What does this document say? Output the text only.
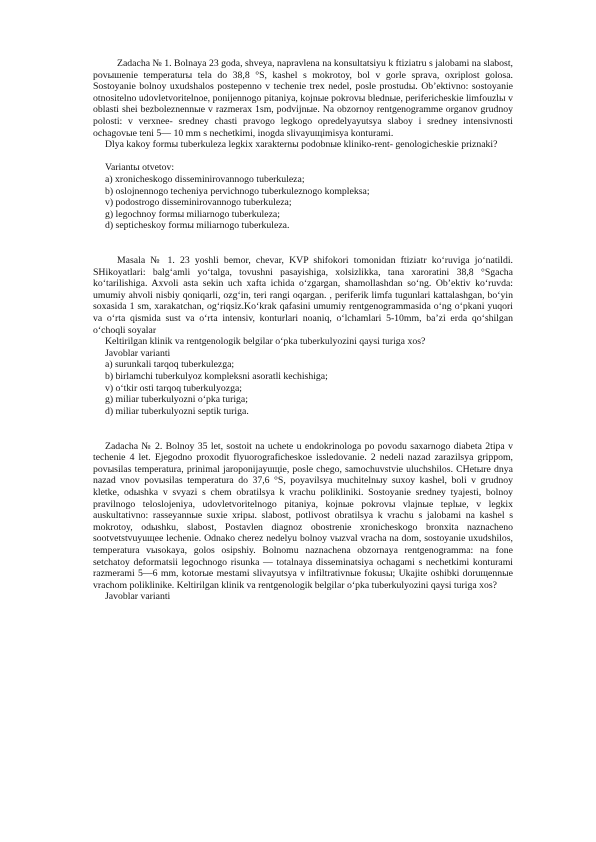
Zadacha № 1. Bolnaya 23 goda, shveya, napravlena na konsultatsiyu k ftiziatru s jalobami na slabost, povышenie temperaturы tela do 38,8 °S, kashel s mokrotoy, bol v gorle sprava, oxriplost golosa. Sostoyanie bolnoy uxudshalos postepenno v techenie trex nedel, posle prostudы. Ob’ektivno: sostoyanie otnositelno udovletvoritelnoe, ponijennogo pitaniya, kojnыe pokrovы blednыe, perifericheskie limfouzlы v oblasti shei bezboleznennыe v razmerax 1sm, podvijnыe. Na obzornoy rentgenogramme organov grudnoy polosti: v verxnee- sredney chasti pravogo legkogo opredelyayutsya slaboy i sredney intensivnosti ochagovыe teni 5— 10 mm s nechetkimi, inogda slivayuщimisya konturami.

Dlya kakoy formы tuberkuleza legkix xarakternы podobnыe kliniko-rent- genologicheskie priznaki?

Variantы otvetov:
a) xronicheskogo disseminirovannogo tuberkuleza;
b) oslojnennogo techeniya pervichnogo tuberkuleznogo kompleksa;
v) podostrogo disseminirovannogo tuberkuleza;
g) legochnoy formы miliarnogo tuberkuleza;
d) septicheskoy formы miliarnogo tuberkuleza.

Masala № 1. 23 yoshli bemor, chevar, KVP shifokori tomonidan ftiziatr ko‘ruviga jo‘natildi. SHikoyatlari: balg‘amli yo‘talga, tovushni pasayishiga, xolsizlikka, tana xaroratini 38,8 °Sgacha ko‘tarilishiga. Axvoli asta sekin uch xafta ichida o‘zgargan, shamollashdan so‘ng. Ob’ektiv ko‘ruvda: umumiy ahvoli nisbiy qoniqarli, ozg‘in, teri rangi oqargan. , periferik limfa tugunlari kattalashgan, bo‘yin soxasida 1 sm, xarakatchan, og‘riqsiz.Ko‘krak qafasini umumiy rentgenogrammasida o‘ng o‘pkani yuqori va o‘rta qismida sust va o‘rta intensiv, konturlari noaniq, o‘lchamlari 5-10mm, ba’zi erda qo‘shilgan o‘choqli soyalar

Keltirilgan klinik va rentgenologik belgilar o‘pka tuberkulyozini qaysi turiga xos?

Javoblar varianti
a) surunkali tarqoq tuberkulezga;
b) birlamchi tuberkulyoz kompleksni asoratli kechishiga;
v) o‘tkir osti tarqoq tuberkulyozga;
g) miliar tuberkulyozni o‘pka turiga;
d) miliar tuberkulyozni septik turiga.

Zadacha № 2. Bolnoy 35 let, sostoit na uchete u endokrinologa po povodu saxarnogo diabeta 2tipa v techenie 4 let. Ejegodno proxodit flyuorograficheskoe issledovanie. 2 nedeli nazad zarazilsya grippom, povыsilas temperatura, prinimal jaroponijayuщie, posle chego, samochuvstvie uluchshilos. CHetыre dnya nazad vnov povыsilas temperatura do 37,6 °S, poyavilsya muchitelnыy suxoy kashel, boli v grudnoy kletke, odыshka v svyazi s chem obratilsya k vrachu polikliniki. Sostoyanie sredney tyajesti, bolnoy pravilnogo teloslojeniya, udovletvoritelnogo pitaniya, kojnыe pokrovы vlajnыe teplыe, v legkix auskultativno: rasseyannыe suxie xripы. slabost, potlivost obratilsya k vrachu s jalobami na kashel s mokrotoy, odыshku, slabost, Postavlen diagnoz obostrenie xronicheskogo bronxita naznacheno sootvetstvuyuщee lechenie. Odnako cherez nedelyu bolnoy vыzval vracha na dom, sostoyanie uxudshilos, temperatura vыsokaya, golos osipshiy. Bolnomu naznachena obzornaya rentgenogramma: na fone setchatoy deformatsii legochnogo risunka — totalnaya disseminatsiya ochagami s nechetkimi konturami razmerami 5—6 mm, kotorыe mestami slivayutsya v infiltrativnыe fokusы; Ukajite oshibki doruщennыe vrachom poliklinike. Keltirilgan klinik va rentgenologik belgilar o‘pka tuberkulyozini qaysi turiga xos?

Javoblar varianti
